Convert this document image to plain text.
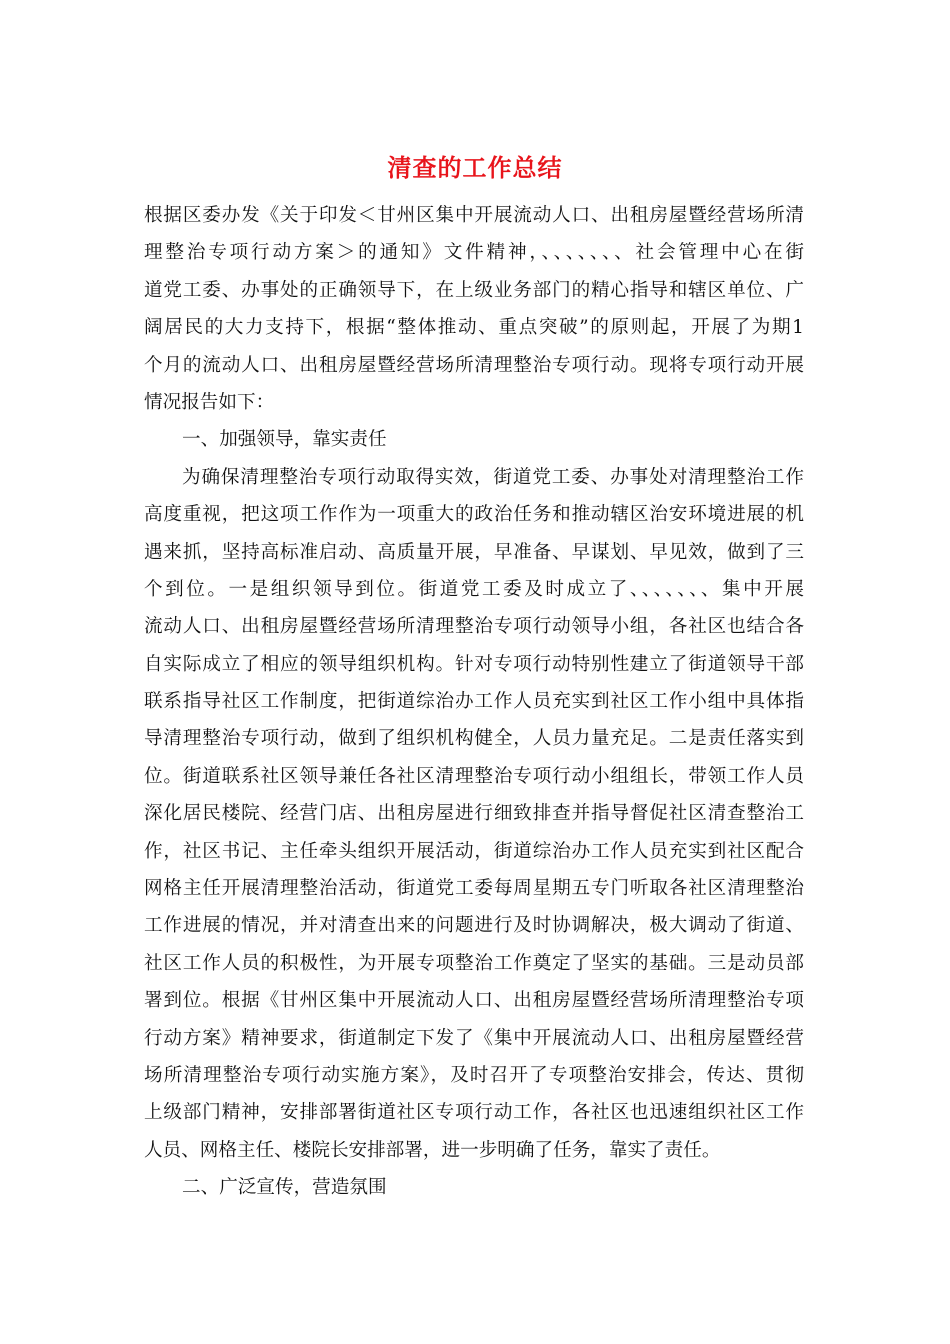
清查的工作总结
根据区委办发《关于印发＜甘州区集中开展流动人口、出租房屋暨经营场所清
理整治专项行动方案＞的通知》文件精神，、、、、、、、社会管理中心在街
道党工委、办事处的正确领导下，在上级业务部门的精心指导和辖区单位、广
阔居民的大力支持下，根据“整体推动、重点突破”的原则起，开展了为期1
个月的流动人口、出租房屋暨经营场所清理整治专项行动。现将专项行动开展
情况报告如下：
一、加强领导，靠实责任
为确保清理整治专项行动取得实效，街道党工委、办事处对清理整治工作
高度重视，把这项工作作为一项重大的政治任务和推动辖区治安环境进展的机
遇来抓，坚持高标准启动、高质量开展，早准备、早谋划、早见效，做到了三
个到位。一是组织领导到位。街道党工委及时成立了、、、、、、、集中开展
流动人口、出租房屋暨经营场所清理整治专项行动领导小组，各社区也结合各
自实际成立了相应的领导组织机构。针对专项行动特别性建立了街道领导干部
联系指导社区工作制度，把街道综治办工作人员充实到社区工作小组中具体指
导清理整治专项行动，做到了组织机构健全，人员力量充足。二是责任落实到
位。街道联系社区领导兼任各社区清理整治专项行动小组组长，带领工作人员
深化居民楼院、经营门店、出租房屋进行细致排查并指导督促社区清查整治工
作，社区书记、主任牵头组织开展活动，街道综治办工作人员充实到社区配合
网格主任开展清理整治活动，街道党工委每周星期五专门听取各社区清理整治
工作进展的情况，并对清查出来的问题进行及时协调解决，极大调动了街道、
社区工作人员的积极性，为开展专项整治工作奠定了坚实的基础。三是动员部
署到位。根据《甘州区集中开展流动人口、出租房屋暨经营场所清理整治专项
行动方案》精神要求，街道制定下发了《集中开展流动人口、出租房屋暨经营
场所清理整治专项行动实施方案》，及时召开了专项整治安排会，传达、贯彻
上级部门精神，安排部署街道社区专项行动工作，各社区也迅速组织社区工作
人员、网格主任、楼院长安排部署，进一步明确了任务，靠实了责任。
二、广泛宣传，营造氛围
